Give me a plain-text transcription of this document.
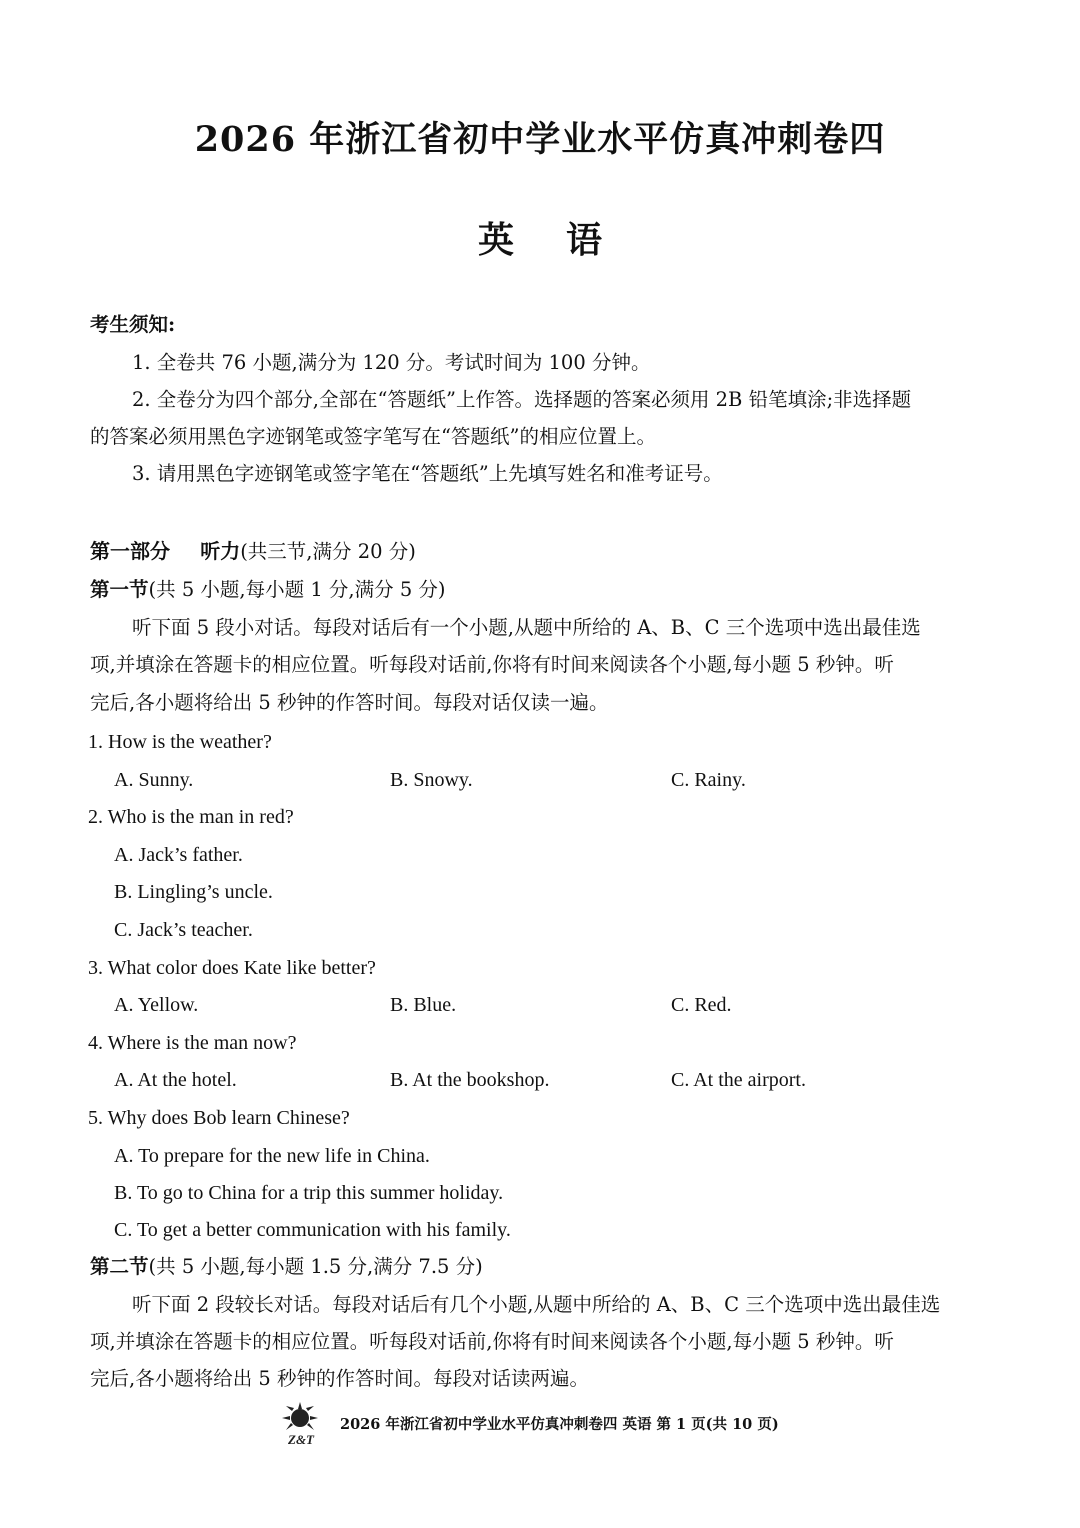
2026 年浙江省初中学业水平仿真冲刺卷四
英语
考生须知:
1. 全卷共 76 小题,满分为 120 分。考试时间为 100 分钟。
2. 全卷分为四个部分,全部在“答题纸”上作答。选择题的答案必须用 2B 铅笔填涂;非选择题
的答案必须用黑色字迹钢笔或签字笔写在“答题纸”的相应位置上。
3. 请用黑色字迹钢笔或签字笔在“答题纸”上先填写姓名和准考证号。
第一部分 听力(共三节,满分 20 分)
第一节(共 5 小题,每小题 1 分,满分 5 分)
听下面 5 段小对话。每段对话后有一个小题,从题中所给的 A、B、C 三个选项中选出最佳选
项,并填涂在答题卡的相应位置。听每段对话前,你将有时间来阅读各个小题,每小题 5 秒钟。听
完后,各小题将给出 5 秒钟的作答时间。每段对话仅读一遍。
1. How is the weather?
A. Sunny.	B. Snowy.	C. Rainy.
2. Who is the man in red?
A. Jack’s father.
B. Lingling’s uncle.
C. Jack’s teacher.
3. What color does Kate like better?
A. Yellow.	B. Blue.	C. Red.
4. Where is the man now?
A. At the hotel.	B. At the bookshop.	C. At the airport.
5. Why does Bob learn Chinese?
A. To prepare for the new life in China.
B. To go to China for a trip this summer holiday.
C. To get a better communication with his family.
第二节(共 5 小题,每小题 1.5 分,满分 7.5 分)
听下面 2 段较长对话。每段对话后有几个小题,从题中所给的 A、B、C 三个选项中选出最佳选
项,并填涂在答题卡的相应位置。听每段对话前,你将有时间来阅读各个小题,每小题 5 秒钟。听
完后,各小题将给出 5 秒钟的作答时间。每段对话读两遍。
Z&T
2026 年浙江省初中学业水平仿真冲刺卷四 英语 第 1 页(共 10 页)
